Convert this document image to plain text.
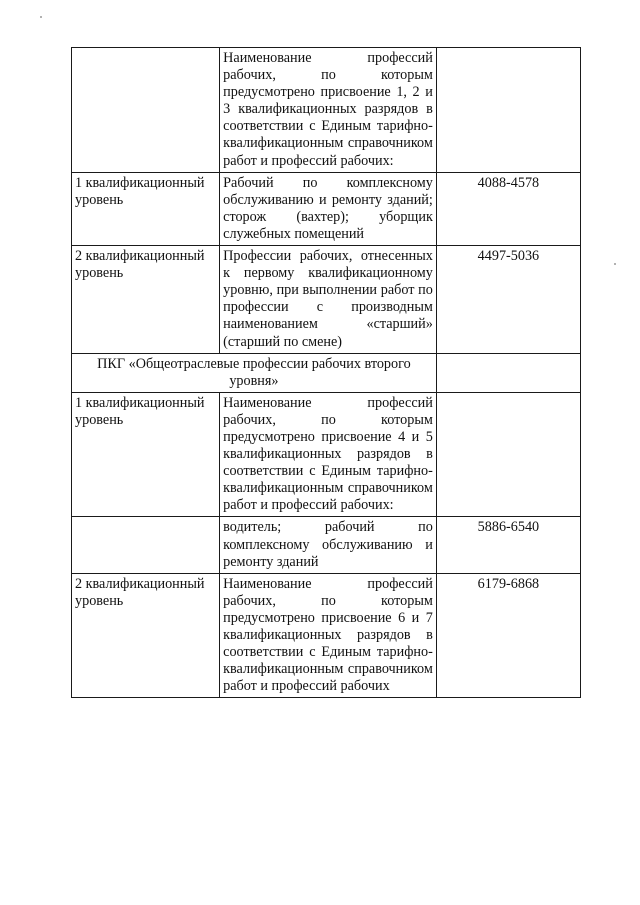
	Наименование профессий рабочих, по которым предусмотрено присвоение 1, 2 и 3 квалификационных разрядов в соответствии с Единым тарифно-квалификационным справочником работ и профессий рабочих:	
1 квалификационный уровень	Рабочий по комплексному обслуживанию и ремонту зданий; сторож (вахтер); уборщик служебных помещений	4088-4578
2 квалификационный уровень	Профессии рабочих, отнесенных к первому квалификационному уровню, при выполнении работ по профессии с производным наименованием «старший» (старший по смене)	4497-5036
ПКГ «Общеотраслевые профессии рабочих второго уровня»		
1 квалификационный уровень	Наименование профессий рабочих, по которым предусмотрено присвоение 4 и 5 квалификационных разрядов в соответствии с Единым тарифно-квалификационным справочником работ и профессий рабочих:	
	водитель; рабочий по комплексному обслуживанию и ремонту зданий	5886-6540
2 квалификационный уровень	Наименование профессий рабочих, по которым предусмотрено присвоение 6 и 7 квалификационных разрядов в соответствии с Единым тарифно-квалификационным справочником работ и профессий рабочих	6179-6868
